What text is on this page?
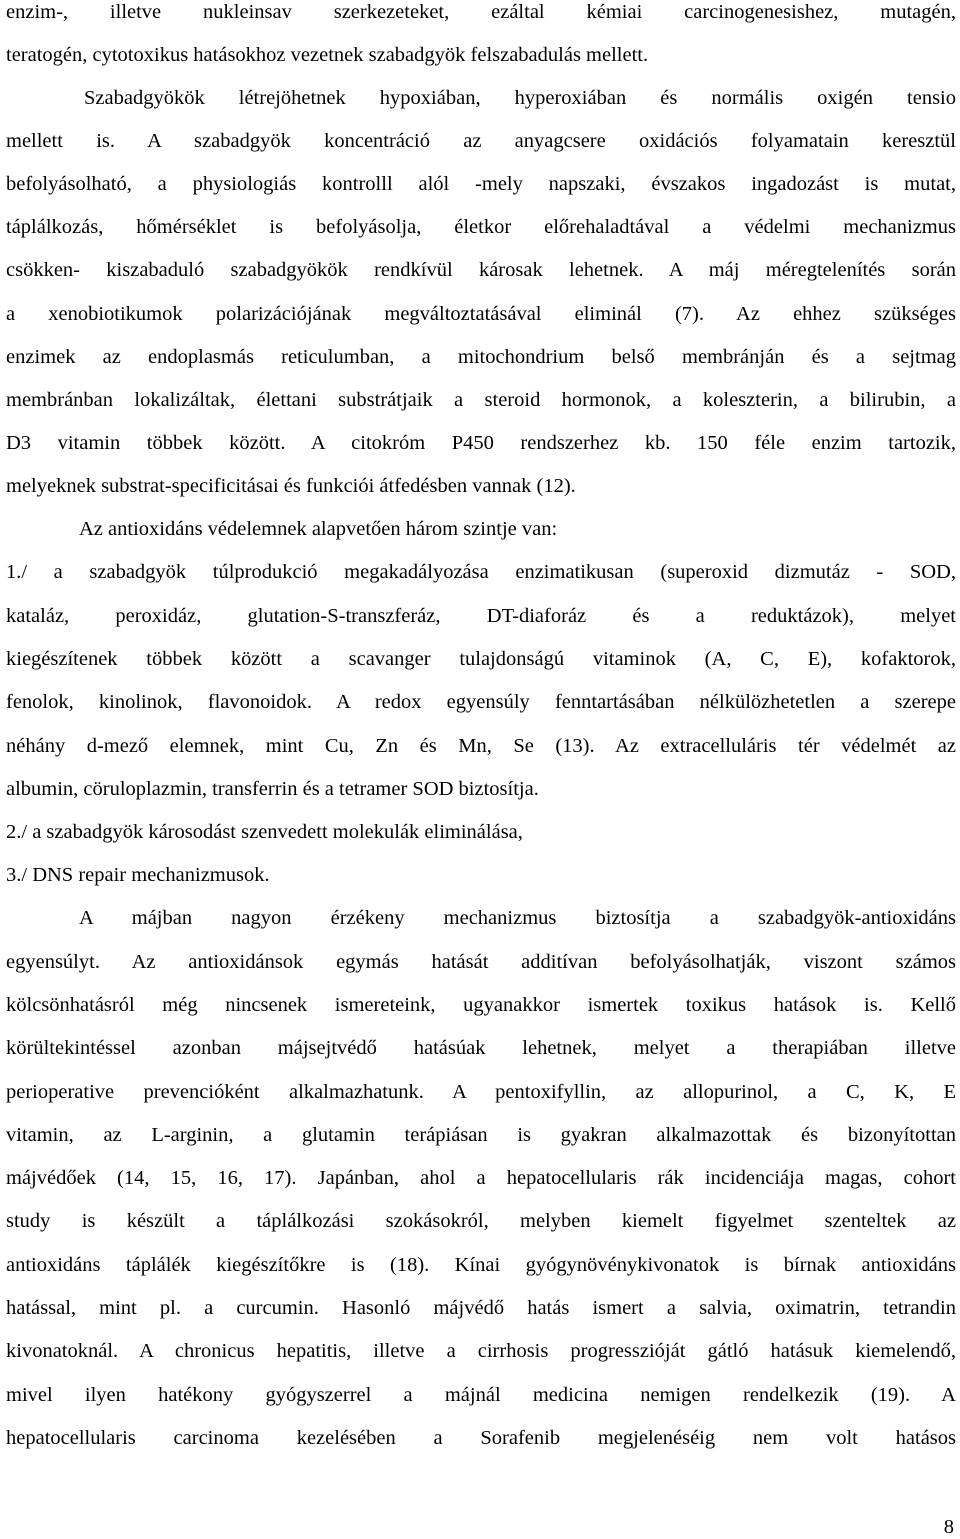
enzim-, illetve nukleinsav szerkezeteket, ezáltal kémiai carcinogenesishez, mutagén,
teratogén, cytotoxikus hatásokhoz vezetnek szabadgyök felszabadulás mellett.
Szabadgyökök létrejöhetnek hypoxiában, hyperoxiában és normális oxigén tensio
mellett is. A szabadgyök koncentráció az anyagcsere oxidációs folyamatain keresztül
befolyásolható, a physiologiás kontrolll alól -mely napszaki, évszakos ingadozást is mutat,
táplálkozás, hőmérséklet is befolyásolja, életkor előrehaladtával a védelmi mechanizmus
csökken- kiszabaduló szabadgyökök rendkívül károsak lehetnek. A máj méregtelenítés során
a xenobiotikumok polarizációjának megváltoztatásával eliminál (7). Az ehhez szükséges
enzimek az endoplasmás reticulumban, a mitochondrium belső membránján és a sejtmag
membránban lokalizáltak, élettani substrátjaik a steroid hormonok, a koleszterin, a bilirubin, a
D3 vitamin többek között. A citokróm P450 rendszerhez kb. 150 féle enzim tartozik,
melyeknek substrat-specificitásai és funkciói átfedésben vannak (12).
Az antioxidáns védelemnek alapvetően három szintje van:
1./ a szabadgyök túlprodukció megakadályozása enzimatikusan (superoxid dizmutáz - SOD,
kataláz, peroxidáz, glutation-S-transzferáz, DT-diaforáz és a reduktázok), melyet
kiegészítenek többek között a scavanger tulajdonságú vitaminok (A, C, E), kofaktorok,
fenolok, kinolinok, flavonoidok. A redox egyensúly fenntartásában nélkülözhetetlen a szerepe
néhány d-mező elemnek, mint Cu, Zn és Mn, Se (13). Az extracelluláris tér védelmét az
albumin, cöruloplazmin, transferrin és a tetramer SOD biztosítja.
2./ a szabadgyök károsodást szenvedett molekulák eliminálása,
3./ DNS repair mechanizmusok.
A májban nagyon érzékeny mechanizmus biztosítja a szabadgyök-antioxidáns
egyensúlyt. Az antioxidánsok egymás hatását additívan befolyásolhatják, viszont számos
kölcsönhatásról még nincsenek ismereteink, ugyanakkor ismertek toxikus hatások is. Kellő
körültekintéssel azonban májsejtvédő hatásúak lehetnek, melyet a therapiában illetve
perioperative prevencióként alkalmazhatunk. A pentoxifyllin, az allopurinol, a C, K, E
vitamin, az L-arginin, a glutamin terápiásan is gyakran alkalmazottak és bizonyítottan
májvédőek (14, 15, 16, 17). Japánban, ahol a hepatocellularis rák incidenciája magas, cohort
study is készült a táplálkozási szokásokról, melyben kiemelt figyelmet szenteltek az
antioxidáns táplálék kiegészítőkre is (18). Kínai gyógynövénykivonatok is bírnak antioxidáns
hatással, mint pl. a curcumin. Hasonló májvédő hatás ismert a salvia, oximatrin, tetrandin
kivonatoknál. A chronicus hepatitis, illetve a cirrhosis progresszióját gátló hatásuk kiemelendő,
mivel ilyen hatékony gyógyszerrel a májnál medicina nemigen rendelkezik (19). A
hepatocellularis carcinoma kezelésében a Sorafenib megjelenéséig nem volt hatásos
8
